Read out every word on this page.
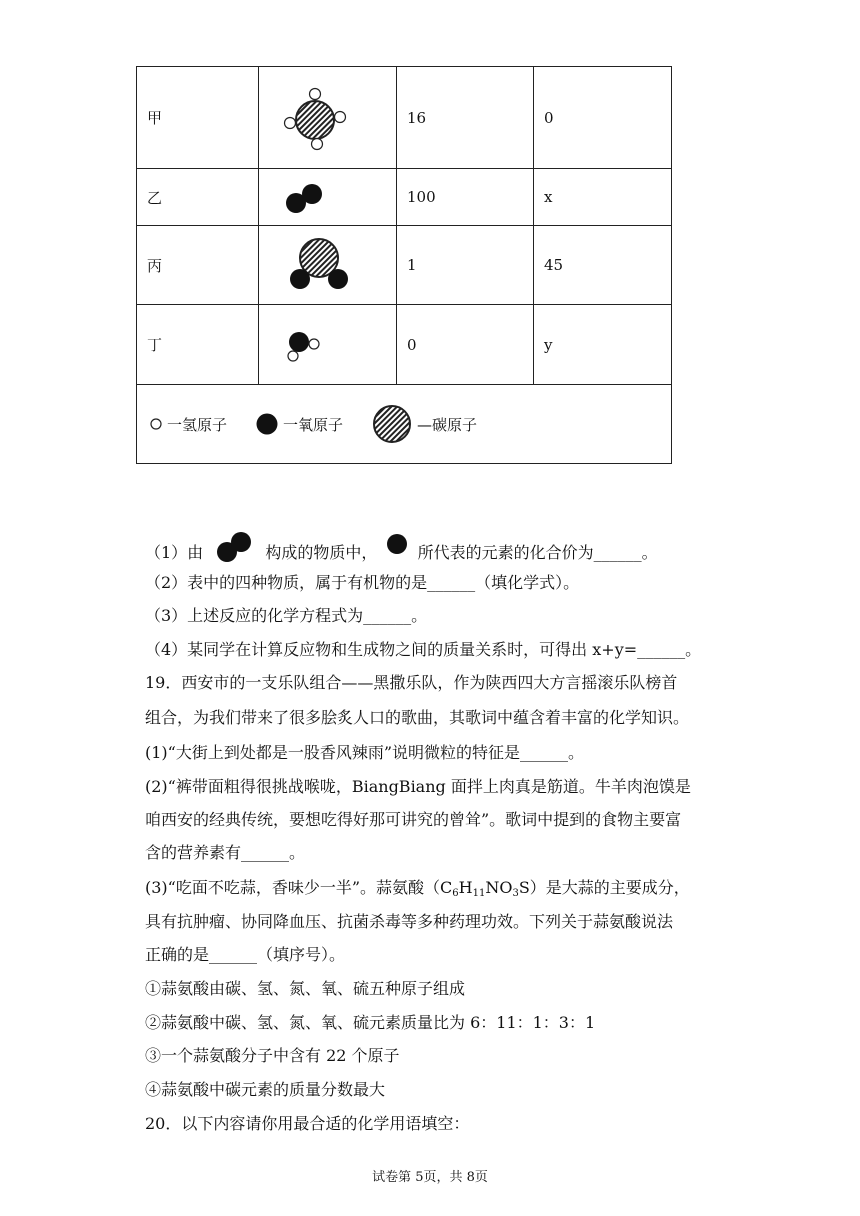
甲		16	0
乙		100	x
丙		1	45
丁		0	y

一氢原子 一氧原子 —碳原子			
（1）由	构成的物质中，	所代表的元素的化合价为______。
（2）表中的四种物质，属于有机物的是______（填化学式）。
（3）上述反应的化学方程式为______。
（4）某同学在计算反应物和生成物之间的质量关系时，可得出 x+y=______。
19．西安市的一支乐队组合——黑撒乐队，作为陕西四大方言摇滚乐队榜首
组合，为我们带来了很多脍炙人口的歌曲，其歌词中蕴含着丰富的化学知识。
(1)“大街上到处都是一股香风辣雨”说明微粒的特征是______。
(2)“裤带面粗得很挑战喉咙，BiangBiang 面拌上肉真是筋道。牛羊肉泡馍是
咱西安的经典传统，要想吃得好那可讲究的曾耸”。歌词中提到的食物主要富
含的营养素有______。
(3)“吃面不吃蒜，香味少一半”。蒜氨酸$(C_6H_{11}NO_3S)$是大蒜的主要成分，
具有抗肿瘤、协同降血压、抗菌杀毒等多种药理功效。下列关于蒜氨酸说法
正确的是______（填序号）。
①蒜氨酸由碳、氢、氮、氧、硫五种原子组成
②蒜氨酸中碳、氢、氮、氧、硫元素质量比为 6：11：1：3：1
③一个蒜氨酸分子中含有 22 个原子
④蒜氨酸中碳元素的质量分数最大
20．以下内容请你用最合适的化学用语填空：
试卷第 5页，共 8页
